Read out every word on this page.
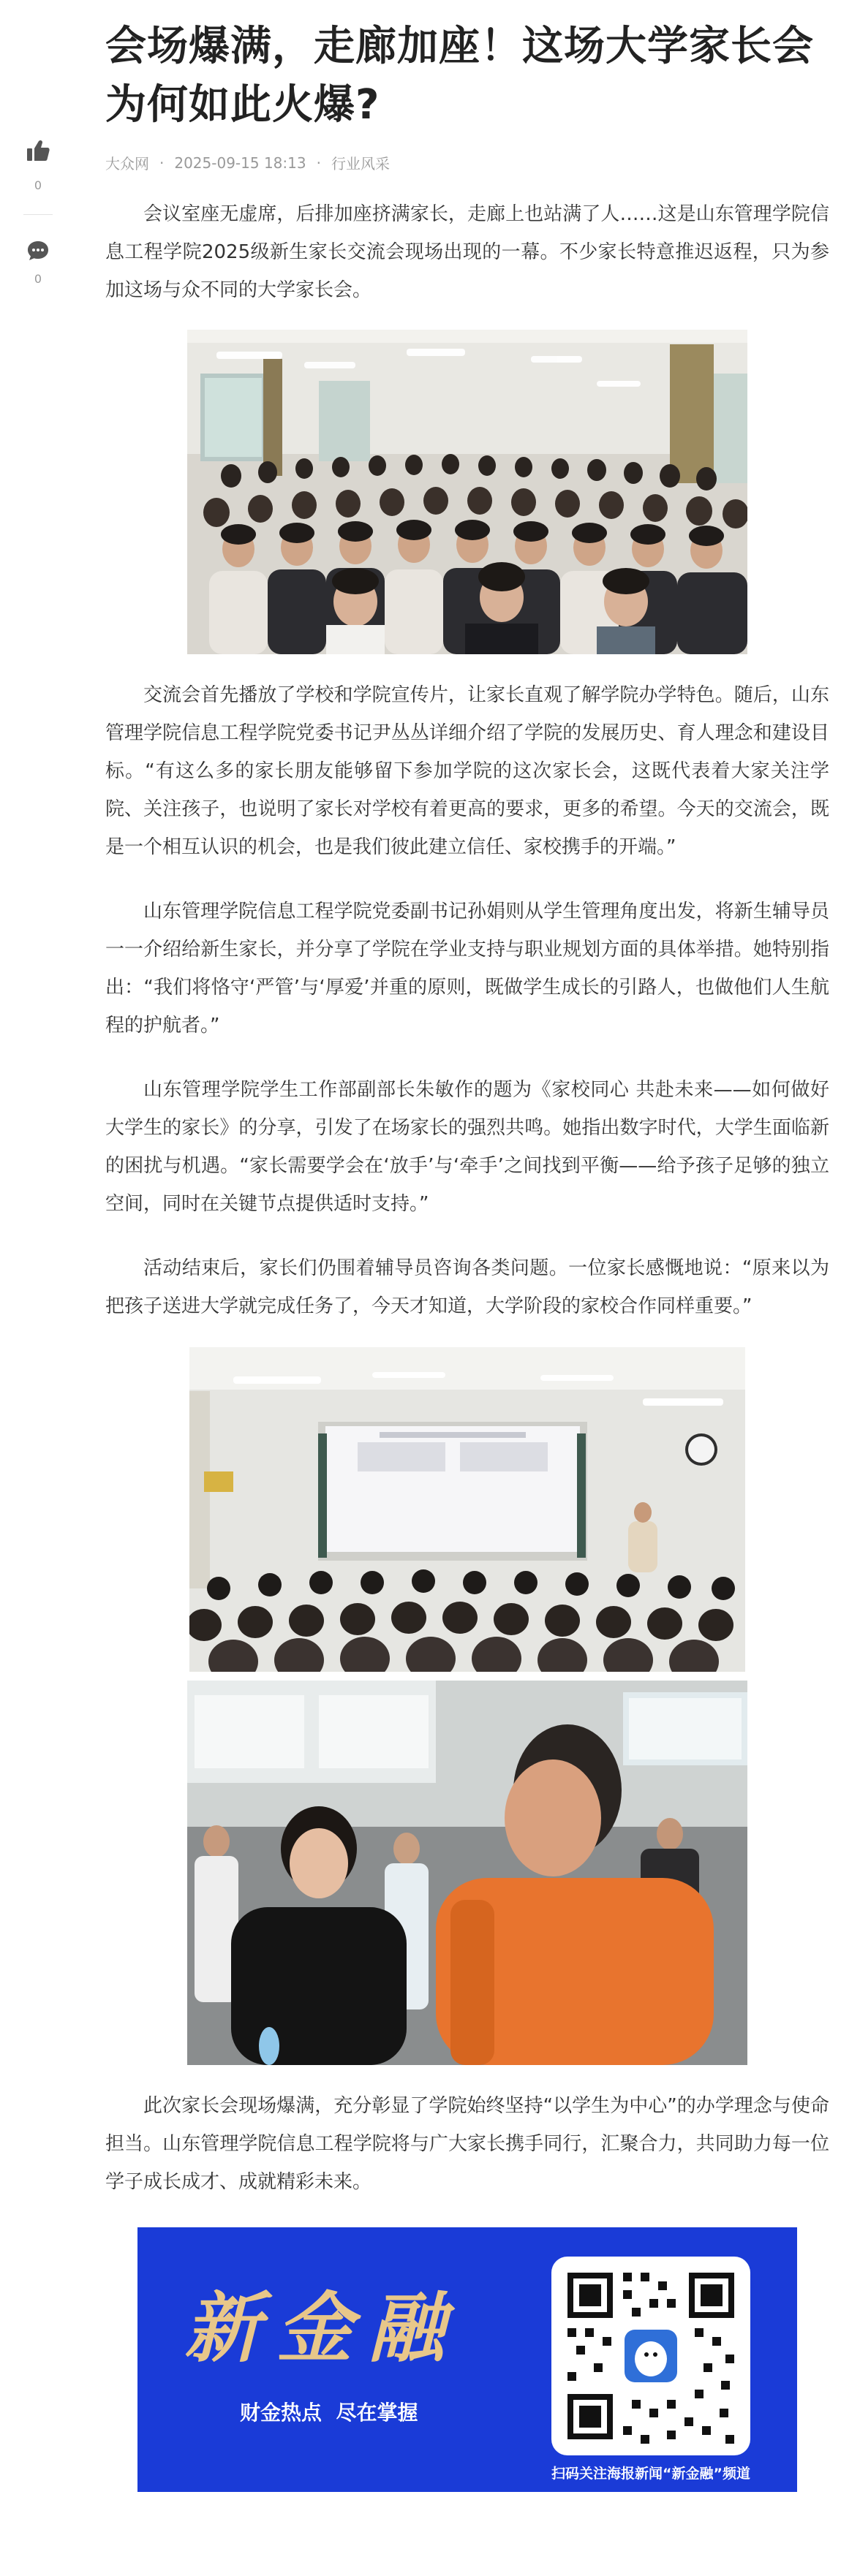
0
0
会场爆满，走廊加座！这场大学家长会为何如此火爆?
大众网 · 2025-09-15 18:13 · 行业风采

会议室座无虚席，后排加座挤满家长，走廊上也站满了人……这是山东管理学院信息工程学院2025级新生家长交流会现场出现的一幕。不少家长特意推迟返程，只为参加这场与众不同的大学家长会。

交流会首先播放了学校和学院宣传片，让家长直观了解学院办学特色。随后，山东管理学院信息工程学院党委书记尹丛丛详细介绍了学院的发展历史、育人理念和建设目标。“有这么多的家长朋友能够留下参加学院的这次家长会，这既代表着大家关注学院、关注孩子，也说明了家长对学校有着更高的要求，更多的希望。今天的交流会，既是一个相互认识的机会，也是我们彼此建立信任、家校携手的开端。”

山东管理学院信息工程学院党委副书记孙娟则从学生管理角度出发，将新生辅导员一一介绍给新生家长，并分享了学院在学业支持与职业规划方面的具体举措。她特别指出：“我们将恪守‘严管’与‘厚爱’并重的原则，既做学生成长的引路人，也做他们人生航程的护航者。”

山东管理学院学生工作部副部长朱敏作的题为《家校同心 共赴未来——如何做好大学生的家长》的分享，引发了在场家长的强烈共鸣。她指出数字时代，大学生面临新的困扰与机遇。“家长需要学会在‘放手’与‘牵手’之间找到平衡——给予孩子足够的独立空间，同时在关键节点提供适时支持。”

活动结束后，家长们仍围着辅导员咨询各类问题。一位家长感慨地说：“原来以为把孩子送进大学就完成任务了，今天才知道，大学阶段的家校合作同样重要。”

此次家长会现场爆满，充分彰显了学院始终坚持“以学生为中心”的办学理念与使命担当。山东管理学院信息工程学院将与广大家长携手同行，汇聚合力，共同助力每一位学子成长成才、成就精彩未来。

新金融
财金热点  尽在掌握
扫码关注海报新闻“新金融”频道
